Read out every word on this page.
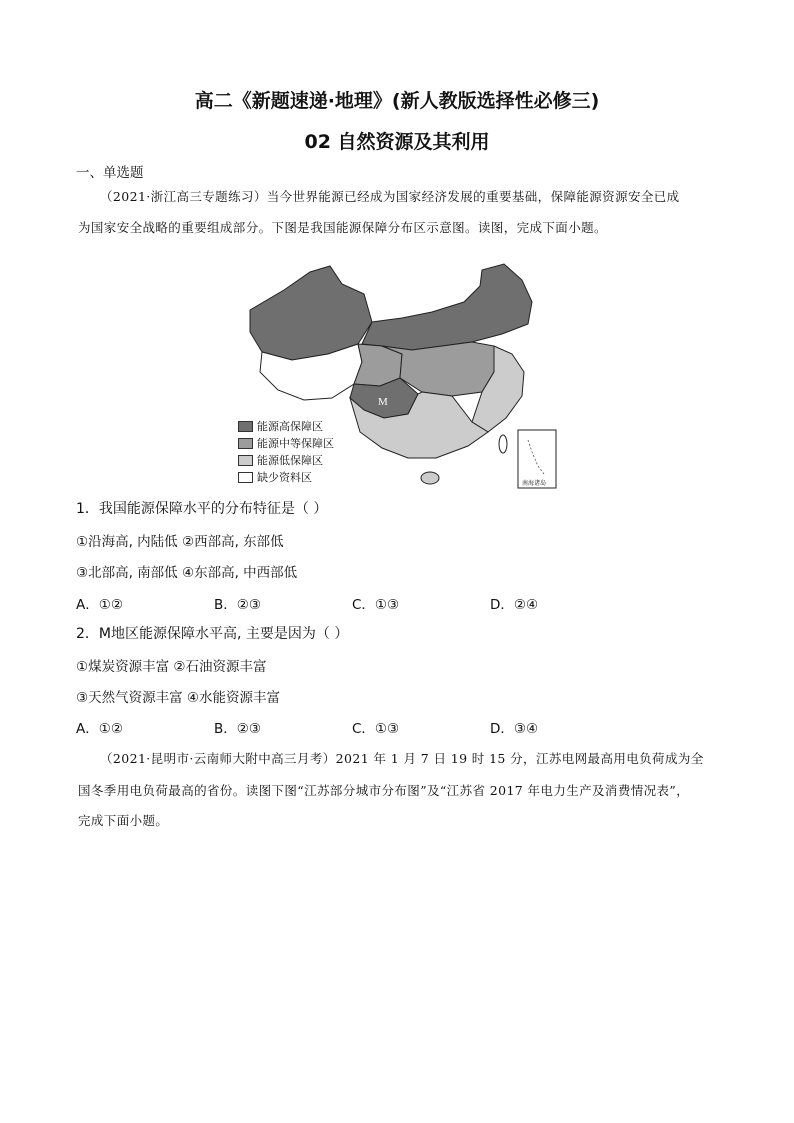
高二《新题速递·地理》(新人教版选择性必修三)
02 自然资源及其利用
一、单选题
（2021·浙江高三专题练习）当今世界能源已经成为国家经济发展的重要基础，保障能源资源安全已成
为国家安全战略的重要组成部分。下图是我国能源保障分布区示意图。读图，完成下面小题。
M
南海诸岛
能源高保障区
能源中等保障区
能源低保障区
缺少资料区
1．我国能源保障水平的分布特征是（ ）
①沿海高, 内陆低 ②西部高, 东部低
③北部高, 南部低 ④东部高, 中西部低
A．①②	B．②③	C．①③	D．②④
2．M地区能源保障水平高, 主要是因为（ ）
①煤炭资源丰富 ②石油资源丰富
③天然气资源丰富 ④水能资源丰富
A．①②	B．②③	C．①③	D．③④
（2021·昆明市·云南师大附中高三月考）2021 年 1 月 7 日 19 时 15 分，江苏电网最高用电负荷成为全
国冬季用电负荷最高的省份。读图下图“江苏部分城市分布图”及“江苏省 2017 年电力生产及消费情况表”，
完成下面小题。
